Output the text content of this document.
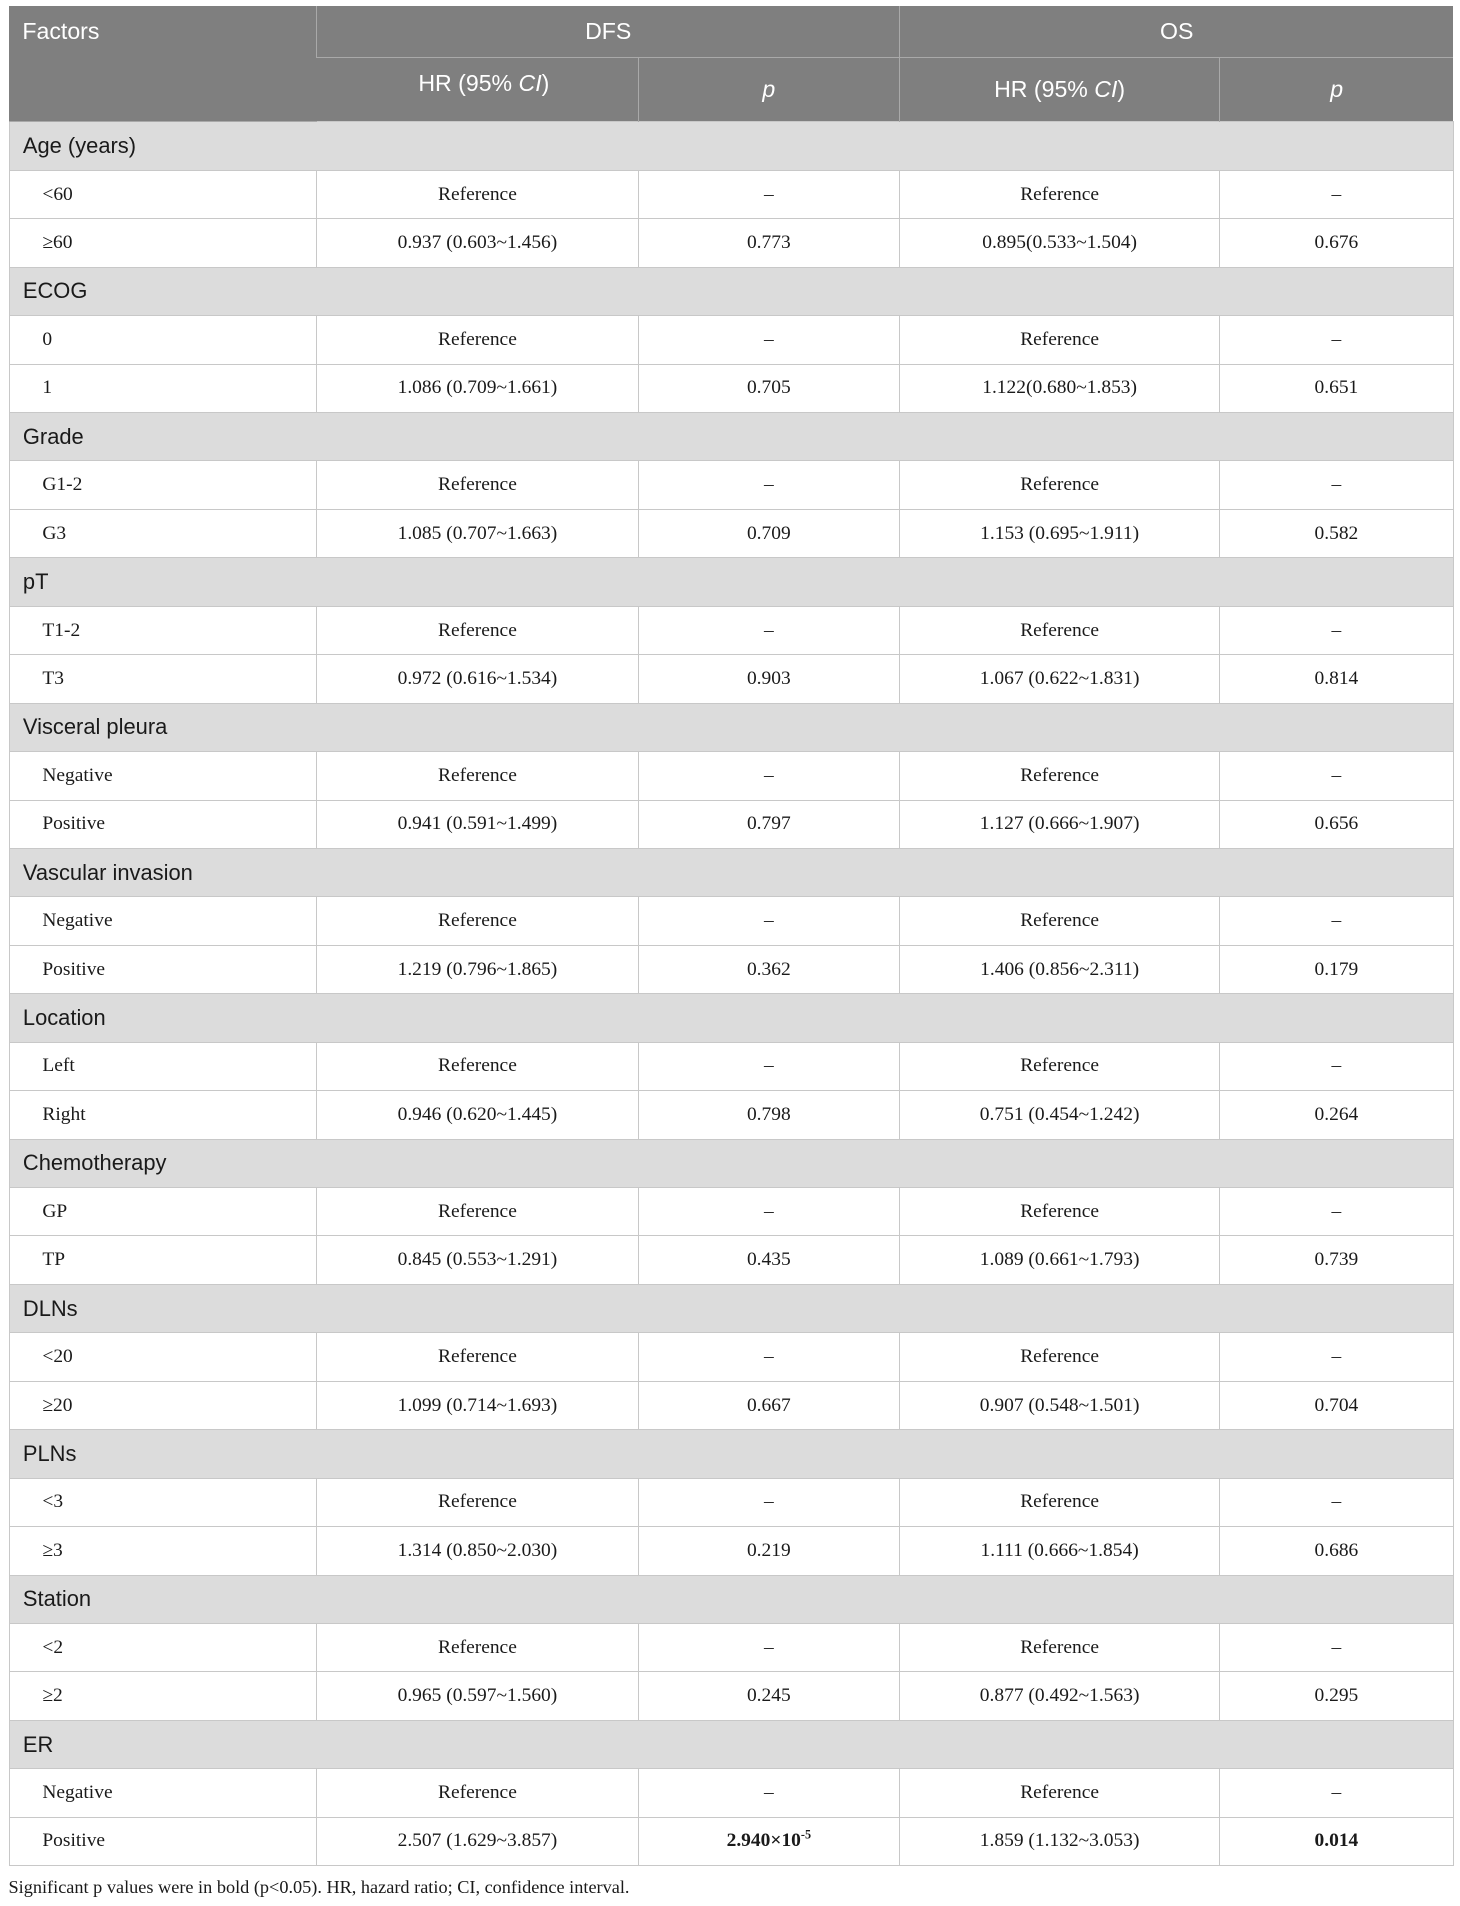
Factors	DFS		OS	
	HR (95% CI)	p	HR (95% CI)	p
Age (years)				
<60	Reference	–	Reference	–
≥60	0.937 (0.603~1.456)	0.773	0.895(0.533~1.504)	0.676
ECOG				
0	Reference	–	Reference	–
1	1.086 (0.709~1.661)	0.705	1.122(0.680~1.853)	0.651
Grade				
G1-2	Reference	–	Reference	–
G3	1.085 (0.707~1.663)	0.709	1.153 (0.695~1.911)	0.582
pT				
T1-2	Reference	–	Reference	–
T3	0.972 (0.616~1.534)	0.903	1.067 (0.622~1.831)	0.814
Visceral pleura				
Negative	Reference	–	Reference	–
Positive	0.941 (0.591~1.499)	0.797	1.127 (0.666~1.907)	0.656
Vascular invasion				
Negative	Reference	–	Reference	–
Positive	1.219 (0.796~1.865)	0.362	1.406 (0.856~2.311)	0.179
Location				
Left	Reference	–	Reference	–
Right	0.946 (0.620~1.445)	0.798	0.751 (0.454~1.242)	0.264
Chemotherapy				
GP	Reference	–	Reference	–
TP	0.845 (0.553~1.291)	0.435	1.089 (0.661~1.793)	0.739
DLNs				
<20	Reference	–	Reference	–
≥20	1.099 (0.714~1.693)	0.667	0.907 (0.548~1.501)	0.704
PLNs				
<3	Reference	–	Reference	–
≥3	1.314 (0.850~2.030)	0.219	1.111 (0.666~1.854)	0.686
Station				
<2	Reference	–	Reference	–
≥2	0.965 (0.597~1.560)	0.245	0.877 (0.492~1.563)	0.295
ER				
Negative	Reference	–	Reference	–
Positive	2.507 (1.629~3.857)	$2.940\times 10^{-5}$	1.859 (1.132~3.053)	0.014
Significant p values were in bold (p<0.05). HR, hazard ratio; CI, confidence interval.
